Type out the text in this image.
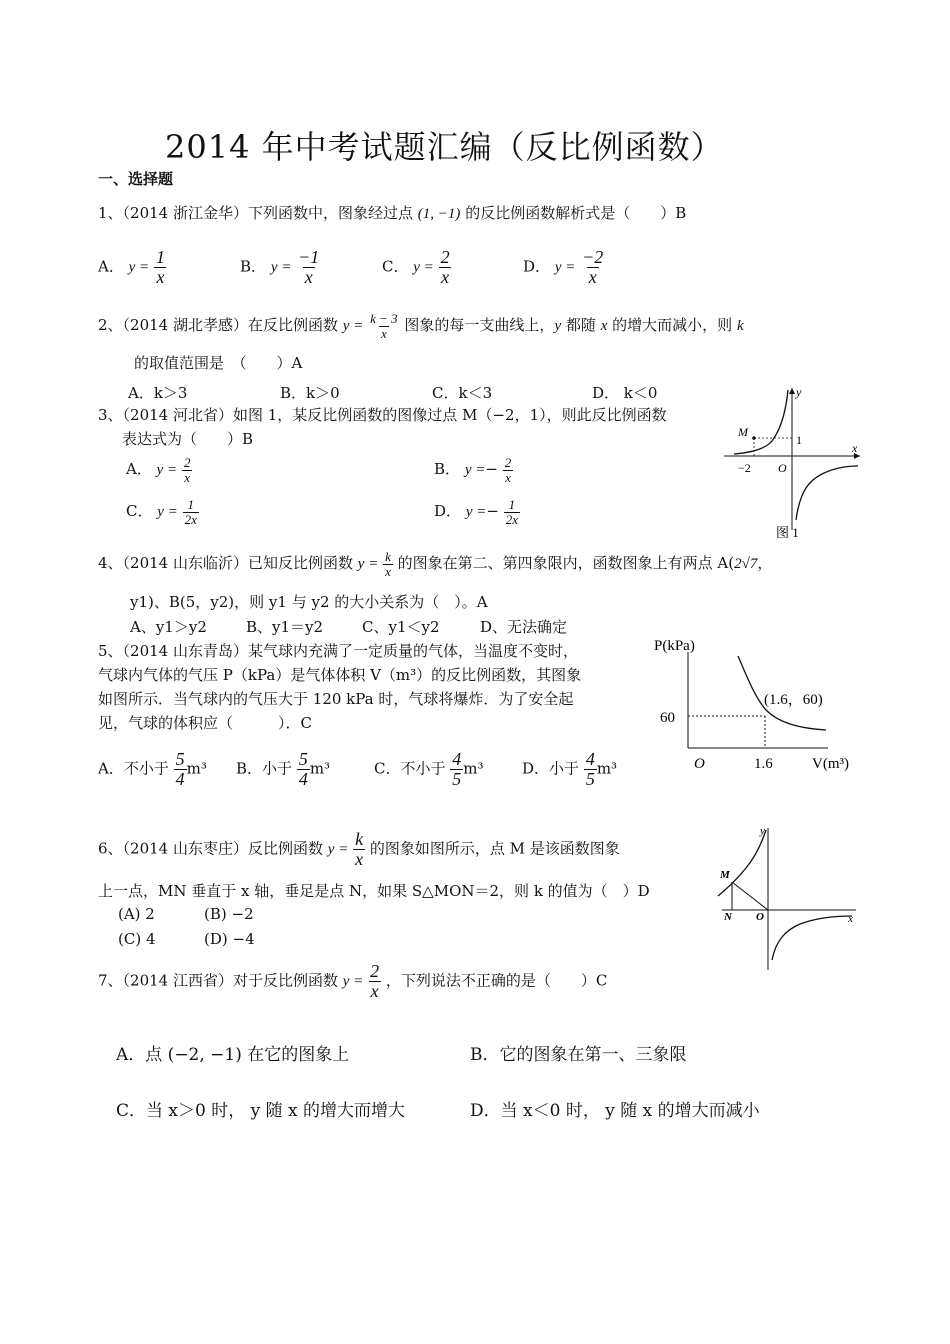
2014 年中考试题汇编（反比例函数）
一、选择题
1、（2014 浙江金华）下列函数中，图象经过点 (1, −1) 的反比例函数解析式是（　　）B
A． $y = \frac{1}{x}$	B． $y = \frac{-1}{x}$	C． $y = \frac{2}{x}$	D． $y = \frac{-2}{x}$
2、（2014 湖北孝感）在反比例函数 $y = \frac{k - 3}{x}$ 图象的每一支曲线上，y 都随 x 的增大而减小，则 k
的取值范围是　（　　）A
A．k＞3	B．k＞0	C．k＜3	D． k＜0
3、（2014 河北省）如图 1，某反比例函数的图像过点 M（−2，1），则此反比例函数
表达式为（　　）B
A． $y = \frac{2}{x}$	B． $y =- \frac{2}{x}$
C． $y = \frac{1}{2x}$	D． $y =- \frac{1}{2x}$
M
y
x
1
−2 O
图 1
4、（2014 山东临沂）已知反比例函数 $y = \frac{k}{x}$ 的图象在第二、第四象限内，函数图象上有两点 A(2√7，
y1)、B(5，y2)，则 y1 与 y2 的大小关系为（　）。A
A、y1＞y2	B、y1＝y2	C、y1＜y2	D、无法确定
5、（2014 山东青岛）某气球内充满了一定质量的气体，当温度不变时，
气球内气体的气压 P（kPa）是气体体积 V（m³）的反比例函数，其图象
如图所示．当气球内的气压大于 120 kPa 时，气球将爆炸．为了安全起
见，气球的体积应（　　　）．C
A．不小于 $\frac{5}{4} m^3$ B．小于 $\frac{5}{4} m^3$	C．不小于 $\frac{4}{5} m^3$	D．小于 $\frac{4}{5} m^3$
P(kPa)
V(m³)
(1.6，60)
60
1.6
O
6、（2014 山东枣庄）反比例函数 $y = \frac{k}{x}$ 的图象如图所示，点 M 是该函数图象
上一点，MN 垂直于 x 轴，垂足是点 N，如果 S△MON＝2，则 k 的值为（　）D
(A) 2	(B) −2
(C) 4	(D) −4
M
N O
y
x
7、（2014 江西省）对于反比例函数 $y = \frac{2}{x}$ ，下列说法不正确的是（　　）C
A．点 (−2, −1) 在它的图象上	B．它的图象在第一、三象限
C．当 x＞0 时， y 随 x 的增大而增大	D．当 x＜0 时， y 随 x 的增大而减小
